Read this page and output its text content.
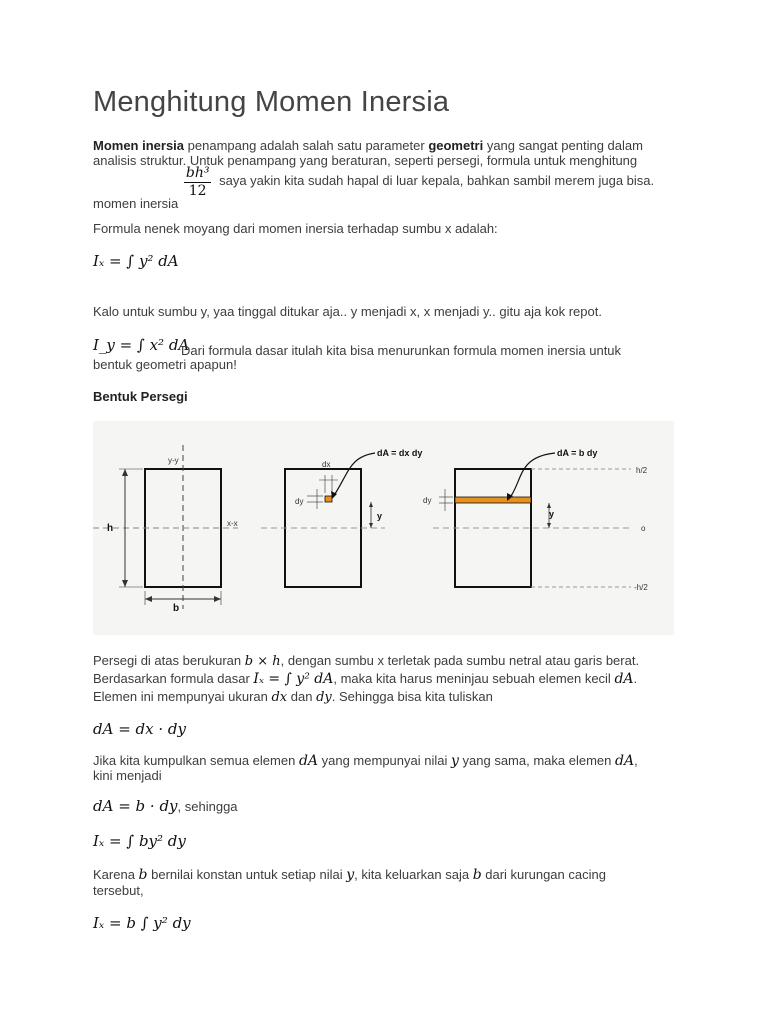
Menghitung Momen Inersia
Momen inersia penampang adalah salah satu parameter geometri yang sangat penting dalam analisis struktur. Untuk penampang yang beraturan, seperti persegi, formula untuk menghitung
momen inersia
$\frac{\text{bh³}}{12}$ saya yakin kita sudah hapal di luar kepala, bahkan sambil merem juga bisa.
Formula nenek moyang dari momen inersia terhadap sumbu x adalah:
Iₓ = ∫ y² dA
Kalo untuk sumbu y, yaa tinggal ditukar aja.. y menjadi x, x menjadi y.. gitu aja kok repot.
I_y = ∫ x² dA
Dari formula dasar itulah kita bisa menurunkan formula momen inersia untuk
bentuk geometri apapun!
Bentuk Persegi
y-y
x-x
h
b
dx
dy
y
dA = dx dy
dy
y
dA = b dy
h/2
o
-h/2
Persegi di atas berukuran b × h, dengan sumbu x terletak pada sumbu netral atau garis berat.
Berdasarkan formula dasar Iₓ = ∫ y² dA, maka kita harus meninjau sebuah elemen kecil dA.
Elemen ini mempunyai ukuran dx dan dy. Sehingga bisa kita tuliskan
dA = dx · dy
Jika kita kumpulkan semua elemen dA yang mempunyai nilai y yang sama, maka elemen dA,
kini menjadi
dA = b · dy, sehingga
Iₓ = ∫ by² dy
Karena b bernilai konstan untuk setiap nilai y, kita keluarkan saja b dari kurungan cacing
tersebut,
Iₓ = b ∫ y² dy
